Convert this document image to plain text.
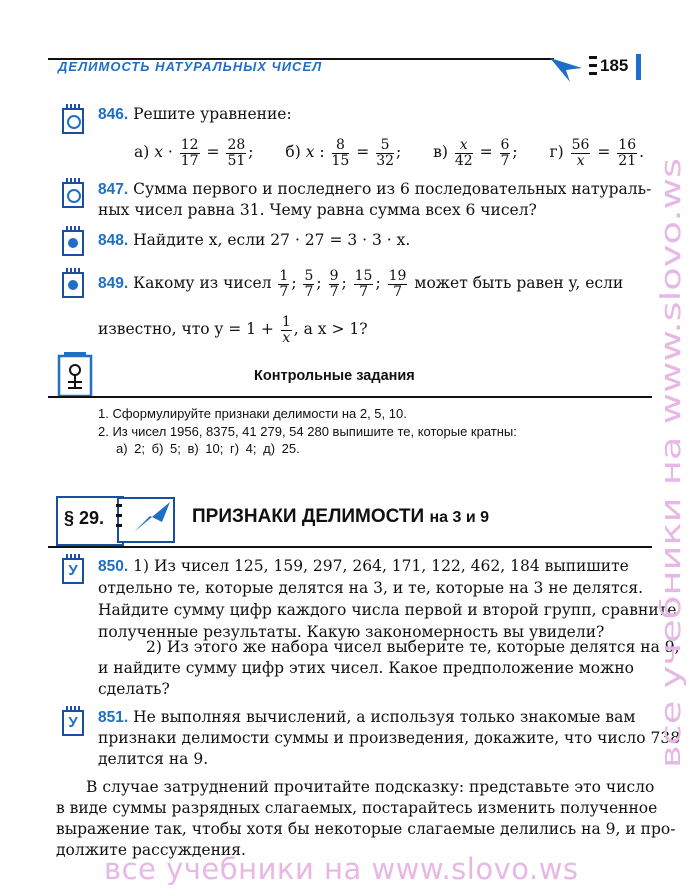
ДЕЛИМОСТЬ НАТУРАЛЬНЫХ ЧИСЕЛ	185
846. Решите уравнение:
а) $x \cdot \frac{12}{17} = \frac{28}{51}$ ;  б) x : $\frac{8}{15} = \frac{5}{32}$ ;  $в) \frac{x}{42} = \frac{6}{7}$ ;  $г) \frac{56}{x} = \frac{16}{21}$ .
847. Сумма первого и последнего из 6 последовательных натураль-
ных чисел равна 31. Чему равна сумма всех 6 чисел?
848. Найдите x, если 27 · 27 = 3 · 3 · x.
849. Какому из чисел $\frac{1}{7}$ ; $\frac{5}{7}$ ; $\frac{9}{7}$ ; $\frac{15}{7}$ ; $\frac{19}{7}$ может быть равен y, если
известно, что $y = 1 + \frac{1}{x}$ , а x > 1?
Контрольные задания
1. Сформулируйте признаки делимости на 2, 5, 10.
2. Из чисел 1956, 8375, 41 279, 54 280 выпишите те, которые кратны:
а) 2; б) 5; в) 10; г) 4; д) 25.
§ 29.	ПРИЗНАКИ ДЕЛИМОСТИ на 3 и 9
У 850. 1) Из чисел 125, 159, 297, 264, 171, 122, 462, 184 выпишите
отдельно те, которые делятся на 3, и те, которые на 3 не делятся.
Найдите сумму цифр каждого числа первой и второй групп, сравните
полученные результаты. Какую закономерность вы увидели?
2) Из этого же набора чисел выберите те, которые делятся на 9,
и найдите сумму цифр этих чисел. Какое предположение можно
сделать?
У 851. Не выполняя вычислений, а используя только знакомые вам
признаки делимости суммы и произведения, докажите, что число 738
делится на 9.
В случае затруднений прочитайте подсказку: представьте это число
в виде суммы разрядных слагаемых, постарайтесь изменить полученное
выражение так, чтобы хотя бы некоторые слагаемые делились на 9, и про-
должите рассуждения.
все учебники на www.slovo.ws
все учебники на www.slovo.ws
